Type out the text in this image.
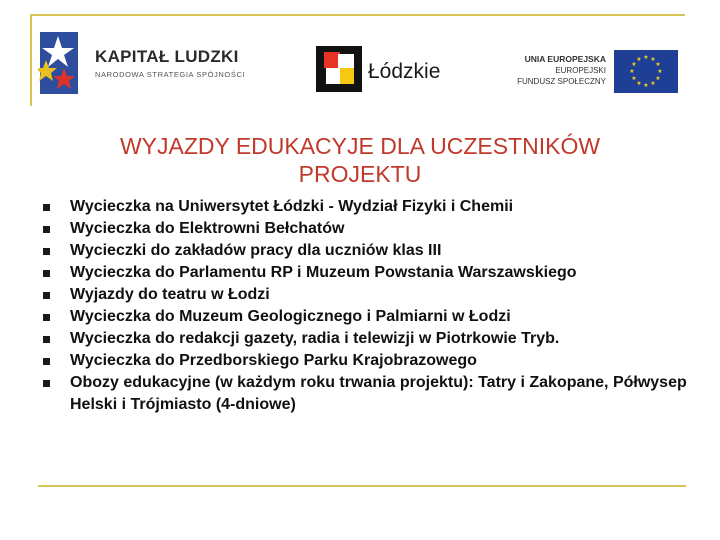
KAPITAŁ LUDZKI
NARODOWA STRATEGIA SPÓJNOŚCI	Łódzkie
UNIA EUROPEJSKA
EUROPEJSKI
FUNDUSZ SPOŁECZNY
★ ★
★
★
★
★
★
★
★
★
★
★
WYJAZDY EDUKACYJE DLA UCZESTNIKÓW
PROJEKTU
Wycieczka na Uniwersytet Łódzki - Wydział Fizyki i Chemii
Wycieczka do Elektrowni Bełchatów
Wycieczki do zakładów pracy dla uczniów klas III
Wycieczka do Parlamentu RP i Muzeum Powstania Warszawskiego
Wyjazdy do teatru w Łodzi
Wycieczka do Muzeum Geologicznego i Palmiarni w Łodzi
Wycieczka do redakcji gazety, radia i telewizji w Piotrkowie Tryb.
Wycieczka do Przedborskiego Parku Krajobrazowego
Obozy edukacyjne (w każdym roku trwania projektu): Tatry i Zakopane, Półwysep Helski i Trójmiasto (4-dniowe)
